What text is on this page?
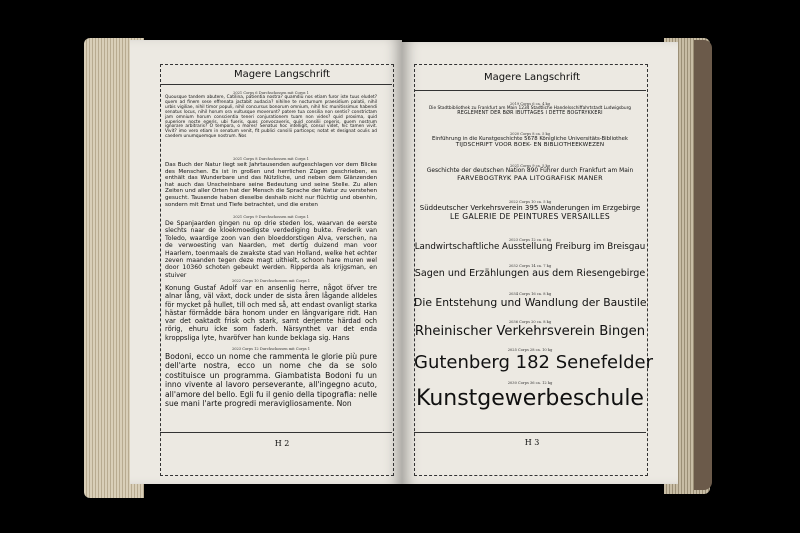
Magere Langschrift
H 2
2021 Corps 6 Durchschossen mit Corps 1

Quousque tandem abutere, Catilina, patientia nostra? quamdiu nos etiam furor iste tuus eludet? quem ad finem sese effrenata jactabit audacia? nihilne te nocturnum praesidium palatii, nihil urbis vigiliae, nihil timor populi, nihil concursus bonorum omnium, nihil hic munitissimus habendi senatus locus, nihil horum ora vultusque moverunt? patere tua consilia non sentis? constrictam jam omnium horum conscientia teneri conjurationem tuam non vides? quid proxima, quid superiore nocte egeris, ubi fueris, quos convocaveris, quid consilii ceperis, quem nostrum ignorare arbitraris? O tempora, o mores! Senatus hoc intelligit, consul videt, hic tamen vivit. Vivit? imo vero etiam in senatum venit, fit publici consilii particeps; notat et designat oculis ad caedem unumquemque nostrum. Nos

2021 Corps 8 Durchschossen mit Corps 1

Das Buch der Natur liegt seit Jahrtausenden aufgeschlagen vor dem Blicke des Menschen. Es ist in großen und herrlichen Zügen geschrieben, es enthält das Wunderbare und das Nützliche, und neben dem Glänzenden hat auch das Unscheinbare seine Bedeutung und seine Stelle. Zu allen Zeiten und aller Orten hat der Mensch die Sprache der Natur zu verstehen gesucht. Tausende haben dieselbe deshalb nicht nur flüchtig und obenhin, sondern mit Ernst und Tiefe betrachtet, und die ersten

2021 Corps 9 Durchschossen mit Corps 1

De Spanjaarden gingen nu op drie steden los, waarvan de eerste slechts naar de kloekmoedigste verdediging bukte. Frederik van Toledo, waardige zoon van den bloeddorstigen Alva, verschen, na de verwoesting van Naarden, met dertig duizend man voor Haarlem, toenmaals de zwakste stad van Holland, welke het echter zeven maanden tegen deze magt uithielt, schoon hare muren wel door 10360 schoten gebeukt werden. Ripperda als krijgsman, en stuiver

2022 Corps 10 Durchschossen mit Corps 1

Konung Gustaf Adolf var en ansenlig herre, något öfver tre alnar lång, väl växt, dock under de sista åren lågande alldeles för mycket på hullet, till och med så, att endast ovanligt starka hästar förmådde bära honom under en längvarigare ridt. Han var det oaktadt frisk och stark, samt derjemte härdad och rörig, ehuru icke som faderh. Närsynthet var det enda kroppsliga lyte, hvaröfver han kunde beklaga sig. Hans

2023 Corps 12 Durchschossen mit Corps 1

Bodoni, ecco un nome che rammenta le glorie più pure dell'arte nostra, ecco un nome che da se solo costituisce un programma. Giambatista Bodoni fu un inno vivente al lavoro perseverante, all'ingegno acuto, all'amore del bello. Egli fu il genio della tipografia: nelle sue mani l'arte progredi meravigliosamente. Non

Magere Langschrift
H 3
2019 Corps 6 ca. 4 kg
Die Stadtbibliothek zu Frankfurt am Main 1234 Stadtliche Handelsschiffahrtstadt Ludwigsburg
REGLEMENT DER BØR IBUTTAGES I DETTE BOGTRYKKERI
2020 Corps 8 ca. 5 kg
Einführung in die Kunstgeschichte 5678 Königliche Universitäts-Bibliothek
TIJDSCHRIFT VOOR BOEK- EN BIBLIOTHEEKWEZEN
2021 Corps 9 ca. 5 kg
Geschichte der deutschen Nation 890 Führer durch Frankfurt am Main
FARVEBOGTRYK PAA LITOGRAFISK MANER
2022 Corps 10 ca. 5 kg
Süddeutscher Verkehrsverein 395 Wanderungen im Erzgebirge
LE GALERIE DE PEINTURES VERSAILLES
2023 Corps 12 ca. 6 kg
Landwirtschaftliche Ausstellung Freiburg im Breisgau
2032 Corps 14 ca. 7 kg
Sagen und Erzählungen aus dem Riesengebirge
2034 Corps 16 ca. 8 kg
Die Entstehung und Wandlung der Baustile
2036 Corps 20 ca. 8 kg
Rheinischer Verkehrsverein Bingen
2025 Corps 28 ca. 10 kg
Gutenberg 182 Senefelder
2030 Corps 36 ca. 12 kg
Kunstgewerbeschule
